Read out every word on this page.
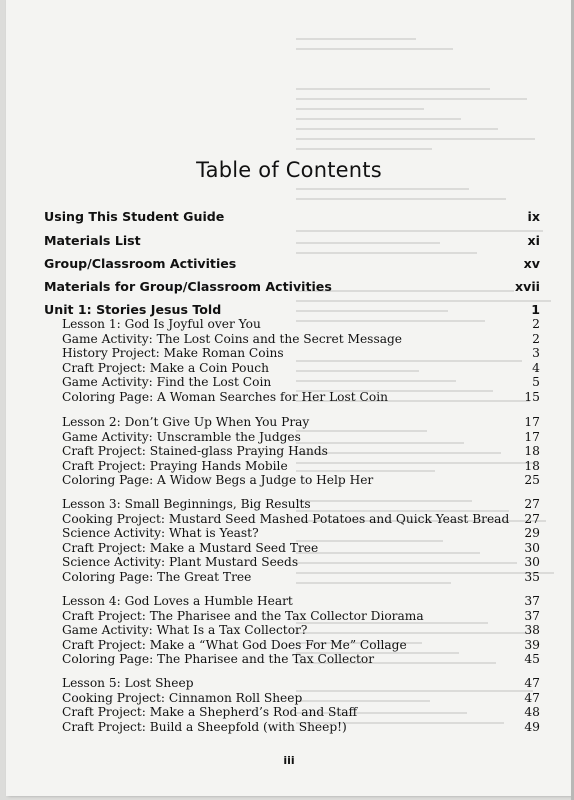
Table of Contents
Using This Student Guide	ix
Materials List	xi
Group/Classroom Activities	xv
Materials for Group/Classroom Activities	xvii
Unit 1: Stories Jesus Told	1
Lesson 1: God Is Joyful over You	2
Game Activity: The Lost Coins and the Secret Message	2
History Project: Make Roman Coins	3
Craft Project: Make a Coin Pouch	4
Game Activity: Find the Lost Coin	5
Coloring Page: A Woman Searches for Her Lost Coin	15
Lesson 2: Don’t Give Up When You Pray	17
Game Activity: Unscramble the Judges	17
Craft Project: Stained-glass Praying Hands	18
Craft Project: Praying Hands Mobile	18
Coloring Page: A Widow Begs a Judge to Help Her	25
Lesson 3: Small Beginnings, Big Results	27
Cooking Project: Mustard Seed Mashed Potatoes and Quick Yeast Bread 27
Science Activity: What is Yeast?	29
Craft Project: Make a Mustard Seed Tree	30
Science Activity: Plant Mustard Seeds	30
Coloring Page: The Great Tree	35
Lesson 4: God Loves a Humble Heart	37
Craft Project: The Pharisee and the Tax Collector Diorama	37
Game Activity: What Is a Tax Collector?	38
Craft Project: Make a “What God Does For Me” Collage	39
Coloring Page: The Pharisee and the Tax Collector	45
Lesson 5: Lost Sheep	47
Cooking Project: Cinnamon Roll Sheep	47
Craft Project: Make a Shepherd’s Rod and Staff	48
Craft Project: Build a Sheepfold (with Sheep!)	49
iii
